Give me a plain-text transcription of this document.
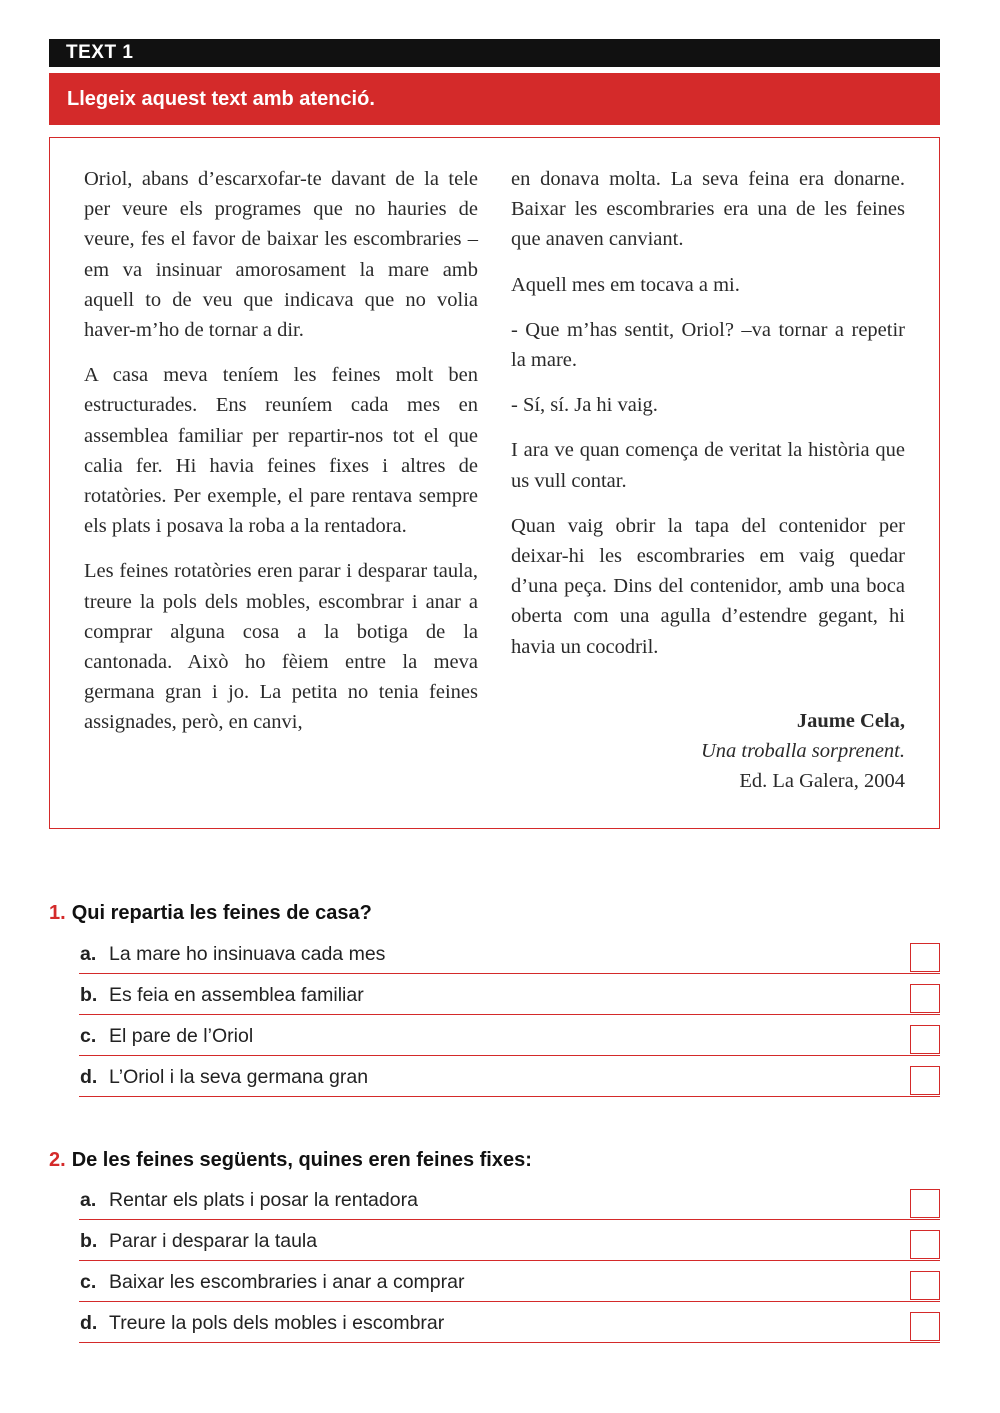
TEXT 1
Llegeix aquest text amb atenció.

Oriol, abans d’escarxofar-te davant de la tele per veure els programes que no hauries de veure, fes el favor de baixar les escombraries –em va insinuar amorosament la mare amb aquell to de veu que indicava que no volia haver-m’ho de tornar a dir.

A casa meva teníem les feines molt ben estructurades. Ens reuníem cada mes en assemblea familiar per repartir-nos tot el que calia fer. Hi havia feines fixes i altres de rotatòries. Per exemple, el pare rentava sempre els plats i posava la roba a la rentadora.

Les feines rotatòries eren parar i desparar taula, treure la pols dels mobles, escombrar i anar a comprar alguna cosa a la botiga de la cantonada. Això ho fèiem entre la meva germana gran i jo. La petita no tenia feines assignades, però, en canvi,

en donava molta. La seva feina era donarne. Baixar les escombraries era una de les feines que anaven canviant.

Aquell mes em tocava a mi.

- Que m’has sentit, Oriol? –va tornar a repetir la mare.

- Sí, sí. Ja hi vaig.

I ara ve quan comença de veritat la història que us vull contar.

Quan vaig obrir la tapa del contenidor per deixar-hi les escombraries em vaig quedar d’una peça. Dins del contenidor, amb una boca oberta com una agulla d’estendre gegant, hi havia un cocodril.

Jaume Cela,
Una troballa sorprenent.
Ed. La Galera, 2004
1. Qui repartia les feines de casa?
a. La mare ho insinuava cada mes
b. Es feia en assemblea familiar
c. El pare de l’Oriol
d. L’Oriol i la seva germana gran
2. De les feines següents, quines eren feines fixes:
a. Rentar els plats i posar la rentadora
b. Parar i desparar la taula
c. Baixar les escombraries i anar a comprar
d. Treure la pols dels mobles i escombrar
